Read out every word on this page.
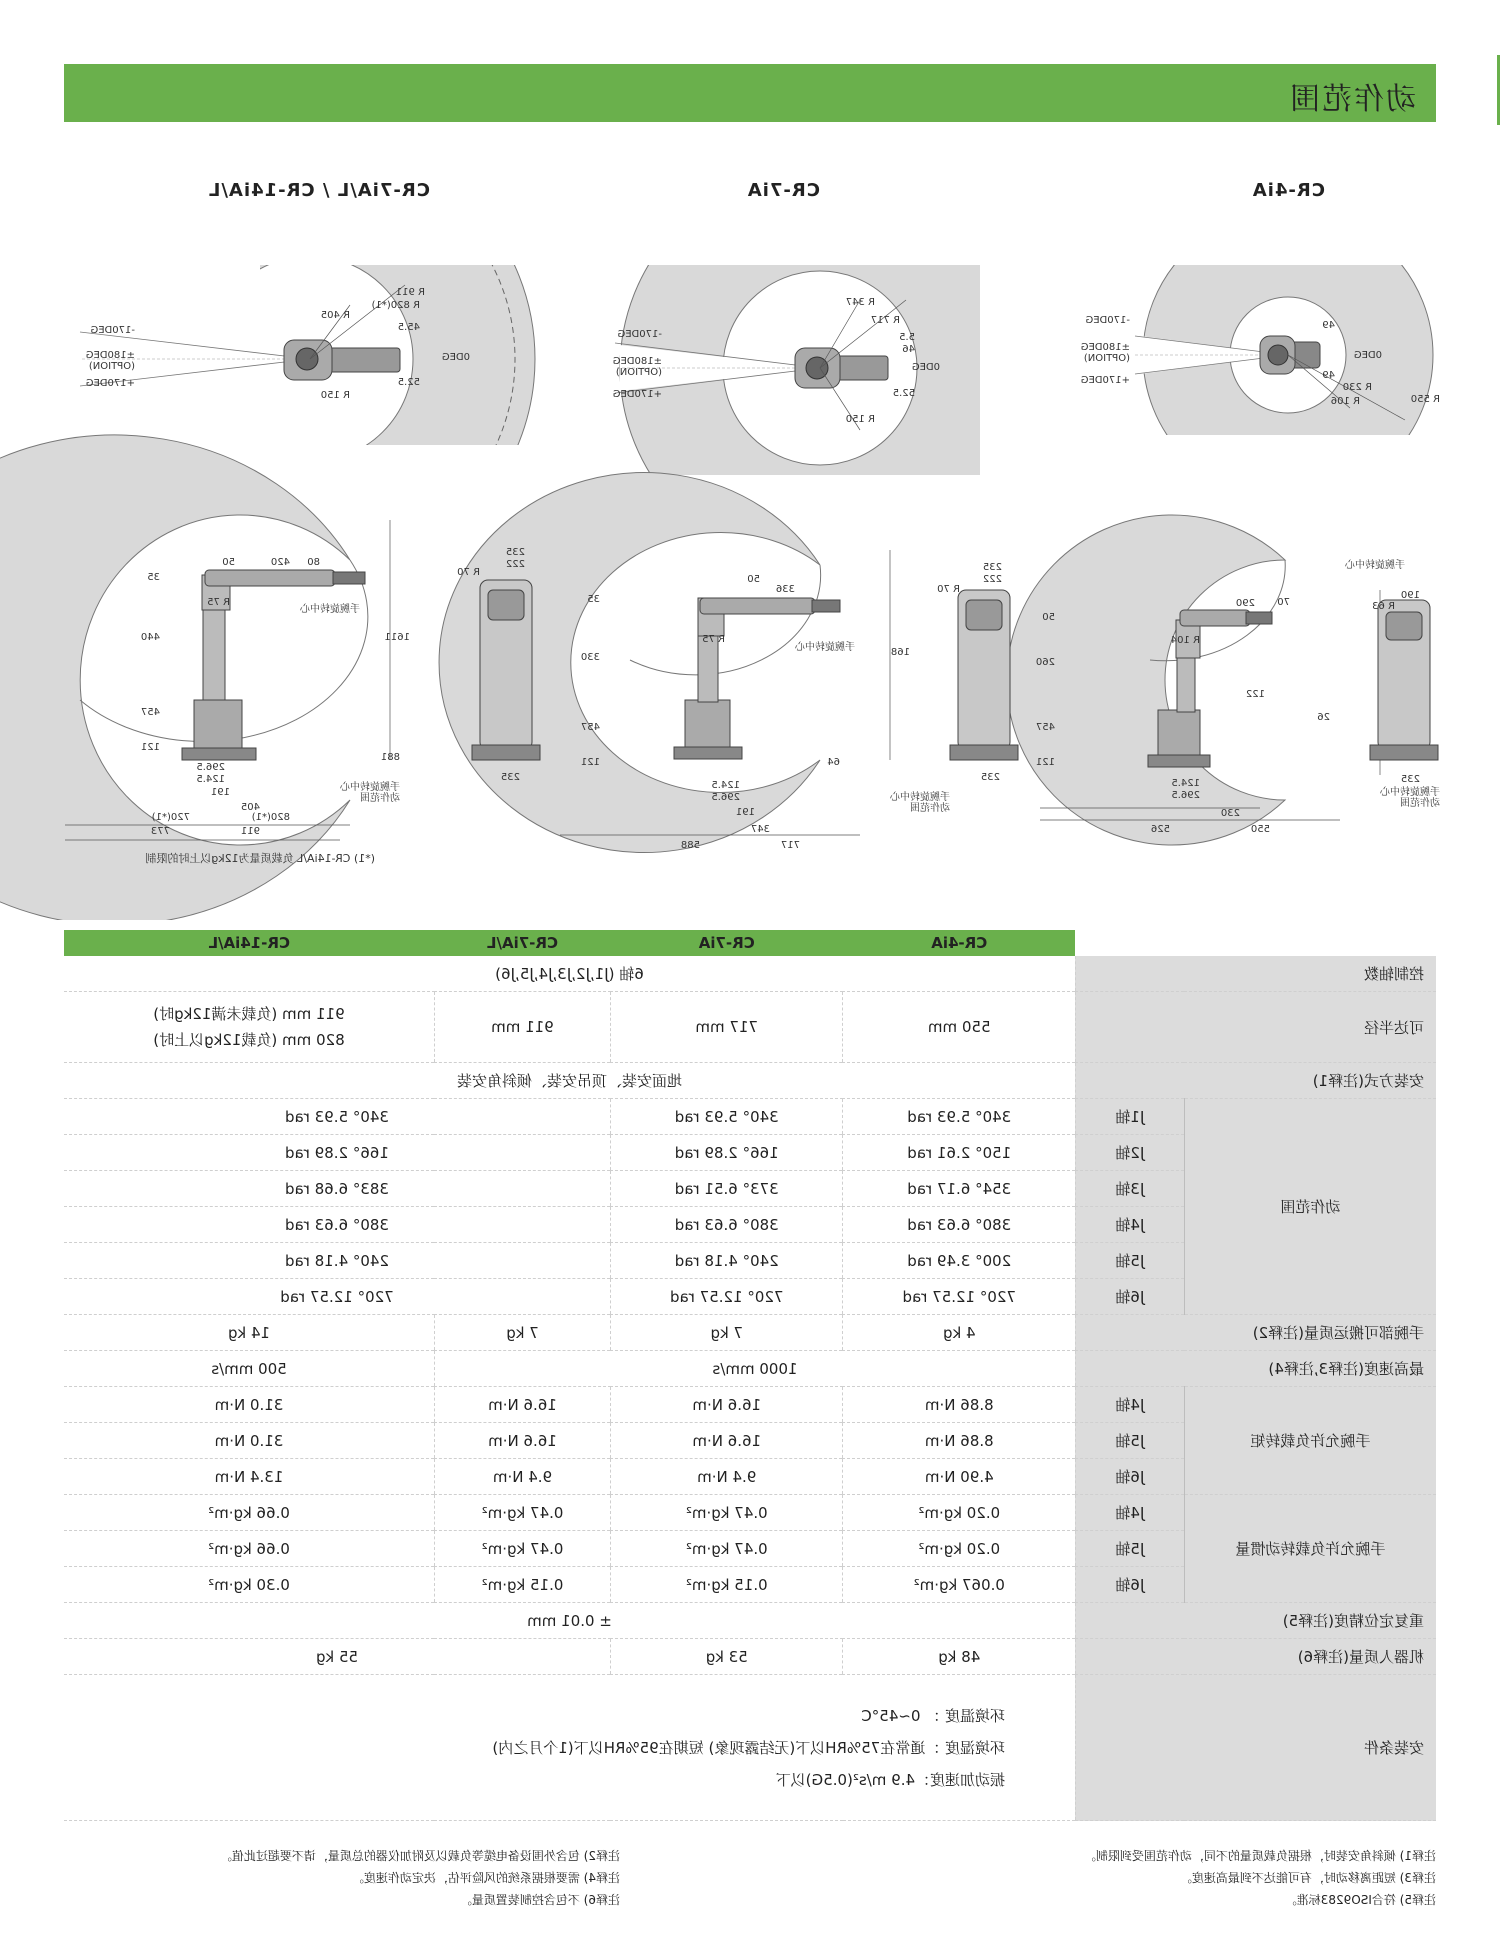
动作范围
CR-4iA
CR-7iA
CR-7iA/L / CR-14iA/L
R 550
R 230
R 106
49
49
-170DEG
±180DEG
(OPTION)
+170DEG
0DEG
R 717
R 347
R 150
5.5
46
52.5
-170DEG
±180DEG
(OPTION)
+170DEG
0DEG
R 911
R 820(*1)
R 405
R 150
45.5
52.5
-170DEG
±180DEG
(OPTION)
+170DEG
0DEG
290 70
R 104
122
260
50
457
121
26
550
230
526
124.5
296.5	手腕旋转中心
动作范围
手腕旋转中心
190
R 63
235
168
336
50
R 75
330
457
121
35
717
347
588
191
296.5
124.5
64
手腕旋转中心
动作范围
手腕旋转中心
235
222
R 70
235
1611
420 80
50
35
440
457
121
881
R 75
405
191
911
820(*1)
720(*1)
773
296.5
124.5
手腕旋转中心
动作范围
手腕旋转中心
235
222
R 70
235
(*1) CR-14iA/L 负载质量为12kg以上时的限制
		CR-4iA	CR-7iA	CR-7iA/L	CR-14iA/L
控制轴数		6轴 (J1,J2,J3,J4,J5,J6)			
可达半径		550 mm	717 mm	911 mm	911 mm (负载未满12kg时)
820 mm (负载12kg以上时)

安装方式(注释1)		地面安装、顶吊安装、倾斜角安装			
动作范围	J1轴	340° 5.93 rad	340° 5.93 rad	340° 5.93 rad	
	J2轴	150° 2.61 rad	166° 2.89 rad	166° 2.89 rad	
	J3轴	354° 6.17 rad	373° 6.51 rad	383° 6.68 rad	
	J4轴	380° 6.63 rad	380° 6.63 rad	380° 6.63 rad	
	J5轴	200° 3.49 rad	240° 4.18 rad	240° 4.18 rad	
	J6轴	720° 12.57 rad	720° 12.57 rad	720° 12.57 rad	
手腕部可搬运质量(注释2)		4 kg	7 kg	7 kg	14 kg
最高速度(注释3,注释4)		1000 mm/s			500 mm/s
手腕允许负载转矩	J4轴	8.86 N·m	16.6 N·m	16.6 N·m	31.0 N·m
	J5轴	8.86 N·m	16.6 N·m	16.6 N·m	31.0 N·m
	J6轴	4.90 N·m	9.4 N·m	9.4 N·m	13.4 N·m
手腕允许负载转动惯量	J4轴	0.20 kg·m²	0.47 kg·m²	0.47 kg·m²	0.66 kg·m²
	J5轴	0.20 kg·m²	0.47 kg·m²	0.47 kg·m²	0.66 kg·m²
	J6轴	0.067 kg·m²	0.15 kg·m²	0.15 kg·m²	0.30 kg·m²
重复定位精度(注释5)		± 0.01 mm			
机器人质量(注释6)		48 kg	53 kg	55 kg	
安装条件		环境温度 ： 0~45°C
环境湿度 ：通常在75%RH以下(无结露现象) 短期在95%RH以下(1个月之内)
振动加速度：4.9 m/s²(0.5G)以下			
注释1) 倾斜角安装时，根据负载质量的不同，动作范围受到限制。
注释3) 短距离移动时，有可能达不到最高速度。
注释5) 符合ISO9283标准。
注释2) 包含外围设备电缆等负载以及附加仪器的总质量，请不要超过此值。
注释4) 需要根据系统的风险评估，决定动作速度。
注释6) 不包含控制装置质量。
